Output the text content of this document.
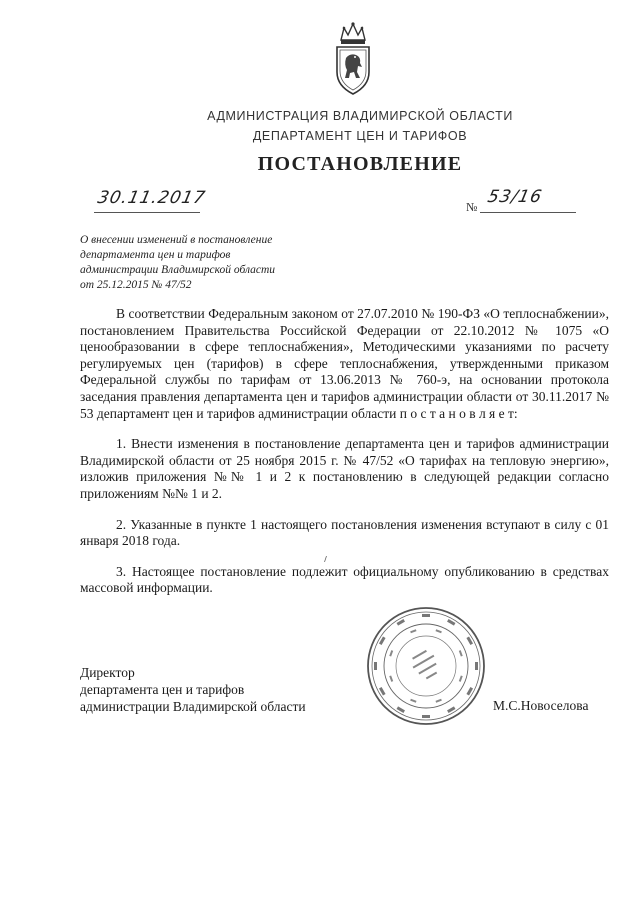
АДМИНИСТРАЦИЯ ВЛАДИМИРСКОЙ ОБЛАСТИ
ДЕПАРТАМЕНТ ЦЕН И ТАРИФОВ
ПОСТАНОВЛЕНИЕ
30.11.2017	№ 53/16
О внесении изменений в постановление
департамента цен и тарифов
администрации Владимирской области
от 25.12.2015 № 47/52

В соответствии Федеральным законом от 27.07.2010 № 190-ФЗ «О теплоснабжении», постановлением Правительства Российской Федерации от 22.10.2012 № 1075 «О ценообразовании в сфере теплоснабжения», Методическими указаниями по расчету регулируемых цен (тарифов) в сфере теплоснабжения, утвержденными приказом Федеральной службы по тарифам от 13.06.2013 № 760-э, на основании протокола заседания правления департамента цен и тарифов администрации области от 30.11.2017 № 53 департамент цен и тарифов администрации области п о с т а н о в л я е т:

1. Внести изменения в постановление департамента цен и тарифов администрации Владимирской области от 25 ноября 2015 г. № 47/52 «О тарифах на тепловую энергию», изложив приложения №№ 1 и 2 к постановлению в следующей редакции согласно приложениям №№ 1 и 2.

2. Указанные в пункте 1 настоящего постановления изменения вступают в силу с 01 января 2018 года.

3. Настоящее постановление подлежит официальному опубликованию в средствах массовой информации.

Директор
департамента цен и тарифов
администрации Владимирской области	М.С.Новоселова
